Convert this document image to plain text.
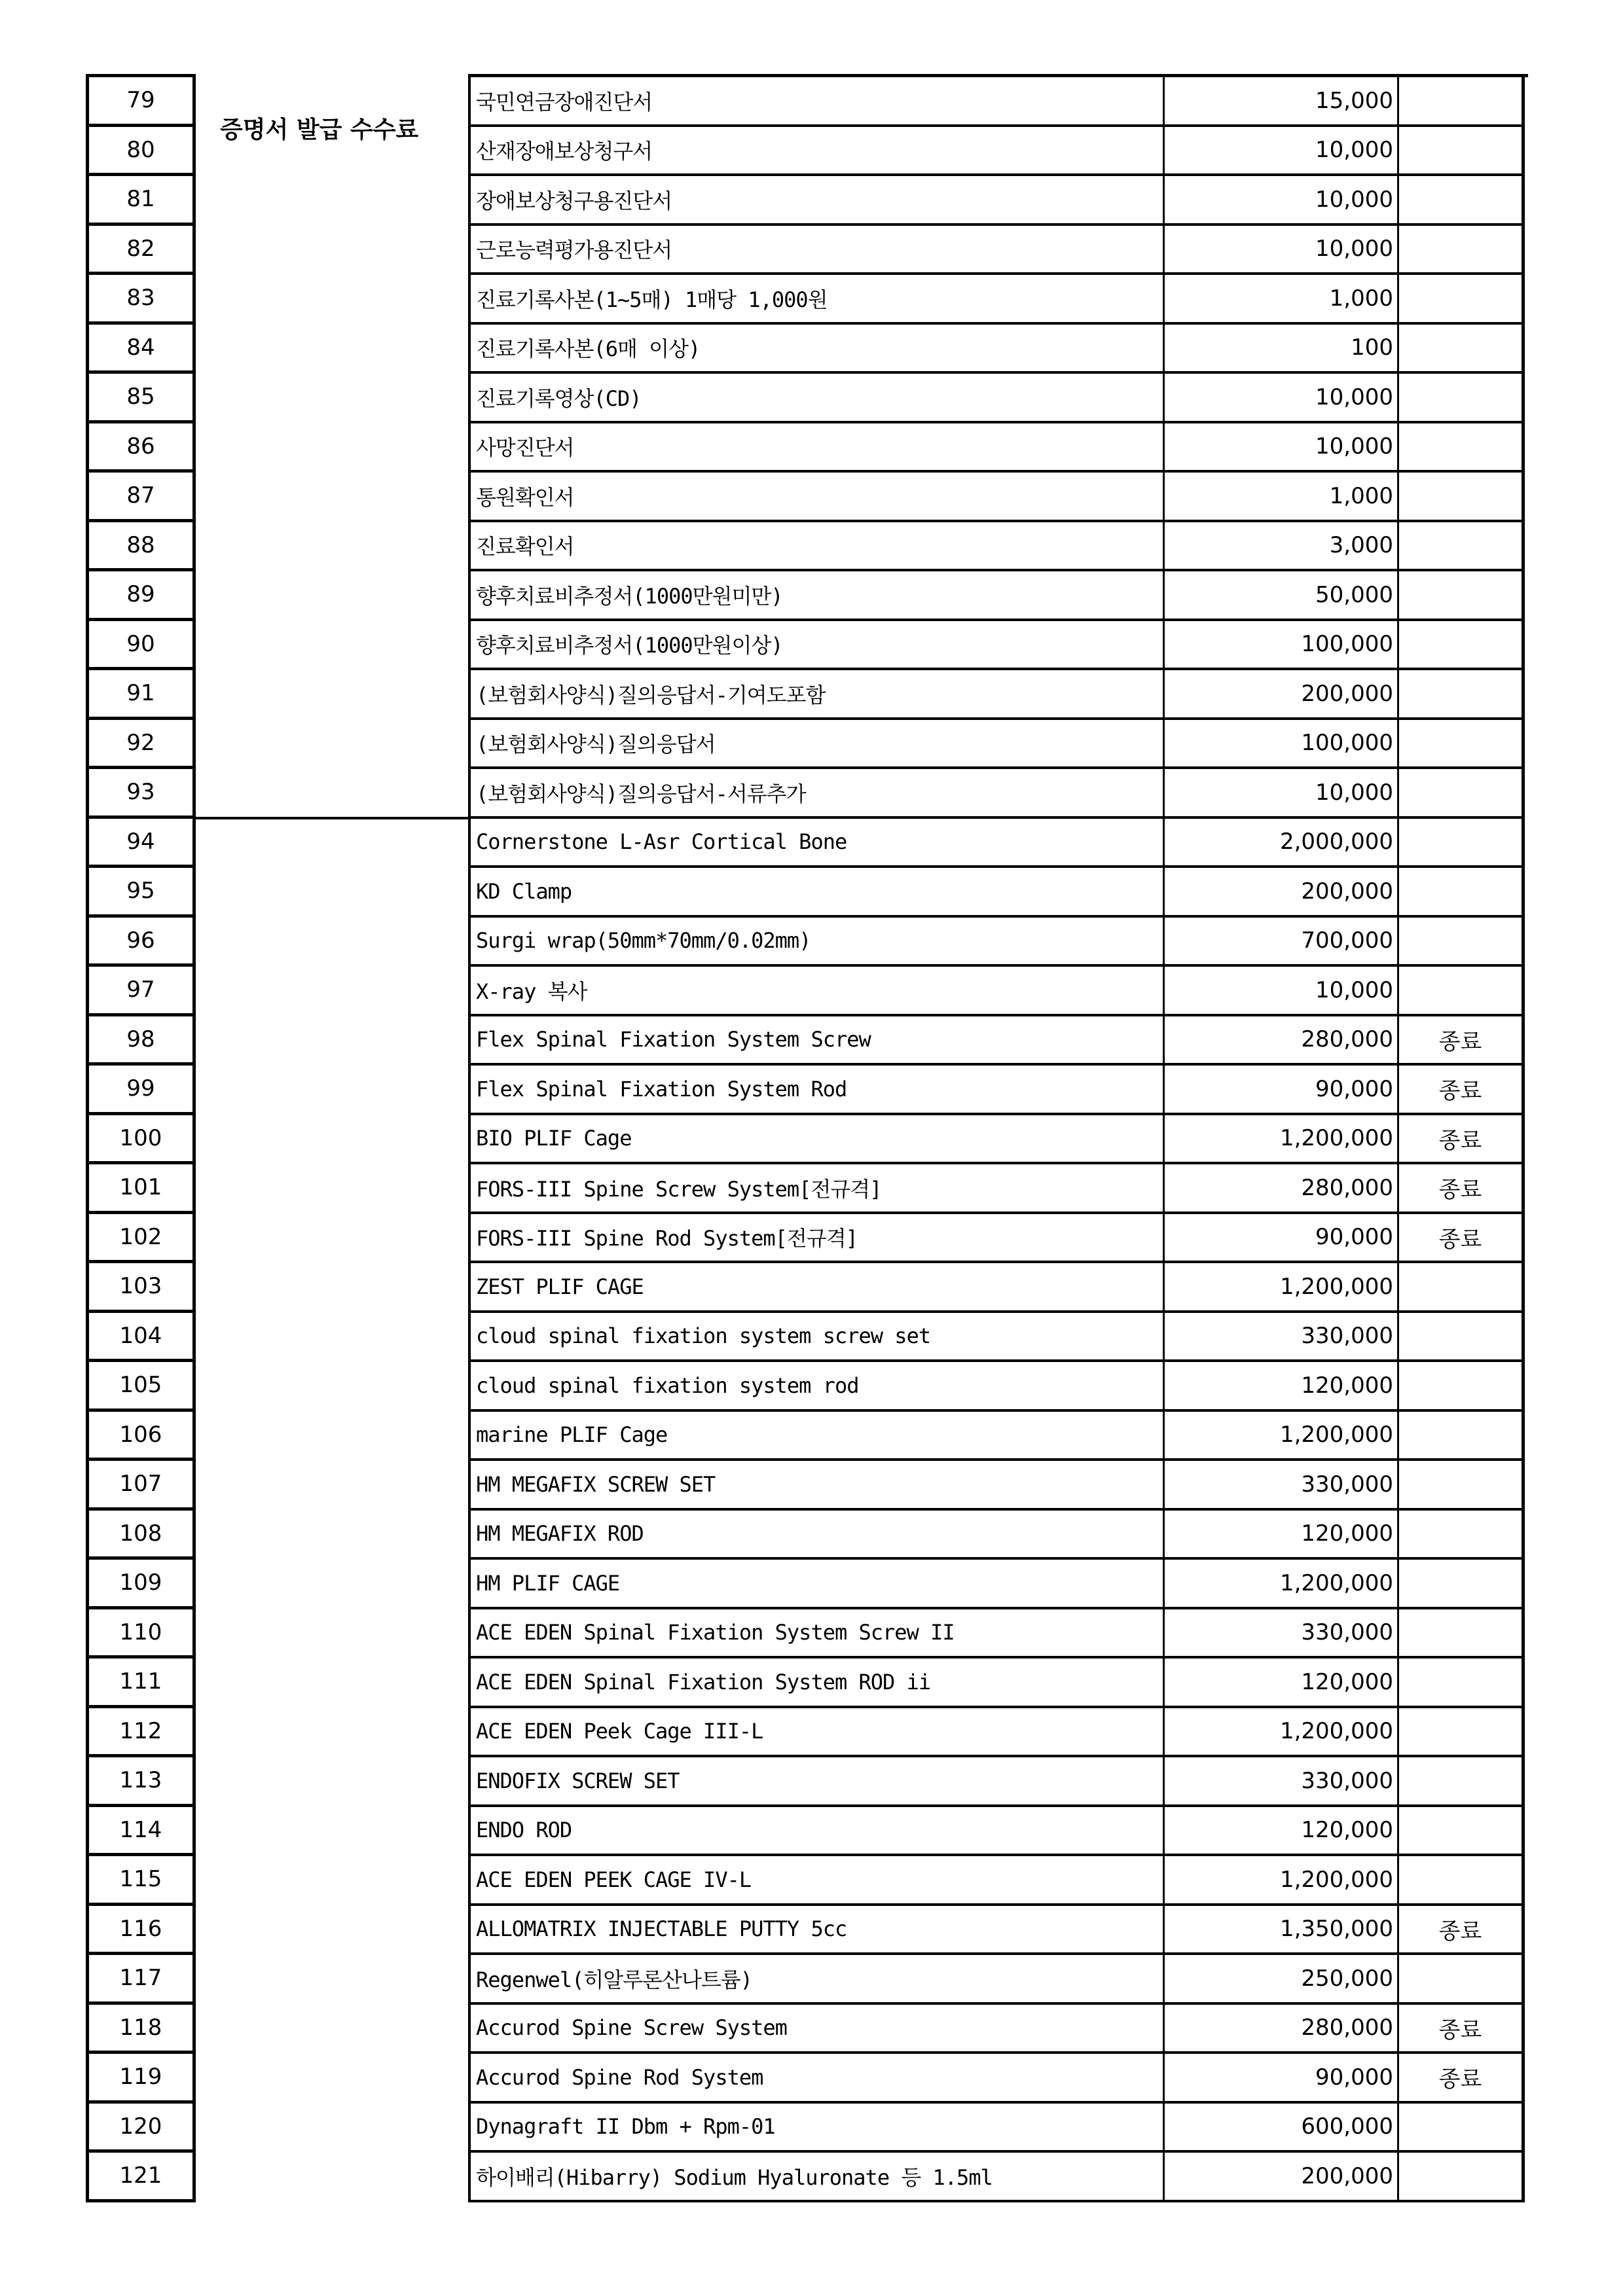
증명서 발급 수수료
79	국민연금장애진단서	15,000
80	산재장애보상청구서	10,000
81	장애보상청구용진단서	10,000
82	근로능력평가용진단서	10,000
83	진료기록사본(1~5매) 1매당 1,000원	1,000
84	진료기록사본(6매 이상)	100
85	진료기록영상(CD)	10,000
86	사망진단서	10,000
87	통원확인서	1,000
88	진료확인서	3,000
89	향후치료비추정서(1000만원미만)	50,000
90	향후치료비추정서(1000만원이상)	100,000
91	(보험회사양식)질의응답서-기여도포함	200,000
92	(보험회사양식)질의응답서	100,000
93	(보험회사양식)질의응답서-서류추가	10,000
94	Cornerstone L-Asr Cortical Bone	2,000,000
95	KD Clamp	200,000
96	Surgi wrap(50mm*70mm/0.02mm)	700,000
97	X-ray 복사	10,000
98	Flex Spinal Fixation System Screw	280,000	종료
99	Flex Spinal Fixation System Rod	90,000	종료
100	BIO PLIF Cage	1,200,000	종료
101	FORS-III Spine Screw System[전규격]	280,000	종료
102	FORS-III Spine Rod System[전규격]	90,000	종료
103	ZEST PLIF CAGE	1,200,000
104	cloud spinal fixation system screw set	330,000
105	cloud spinal fixation system rod	120,000
106	marine PLIF Cage	1,200,000
107	HM MEGAFIX SCREW SET	330,000
108	HM MEGAFIX ROD	120,000
109	HM PLIF CAGE	1,200,000
110	ACE EDEN Spinal Fixation System Screw II	330,000
111	ACE EDEN Spinal Fixation System ROD ii	120,000
112	ACE EDEN Peek Cage III-L	1,200,000
113	ENDOFIX SCREW SET	330,000
114	ENDO ROD	120,000
115	ACE EDEN PEEK CAGE IV-L	1,200,000
116	ALLOMATRIX INJECTABLE PUTTY 5cc	1,350,000	종료
117	Regenwel(히알루론산나트륨)	250,000
118	Accurod Spine Screw System	280,000	종료
119	Accurod Spine Rod System	90,000	종료
120	Dynagraft II Dbm + Rpm-01	600,000
121	하이배리(Hibarry) Sodium Hyaluronate 등 1.5ml	200,000
